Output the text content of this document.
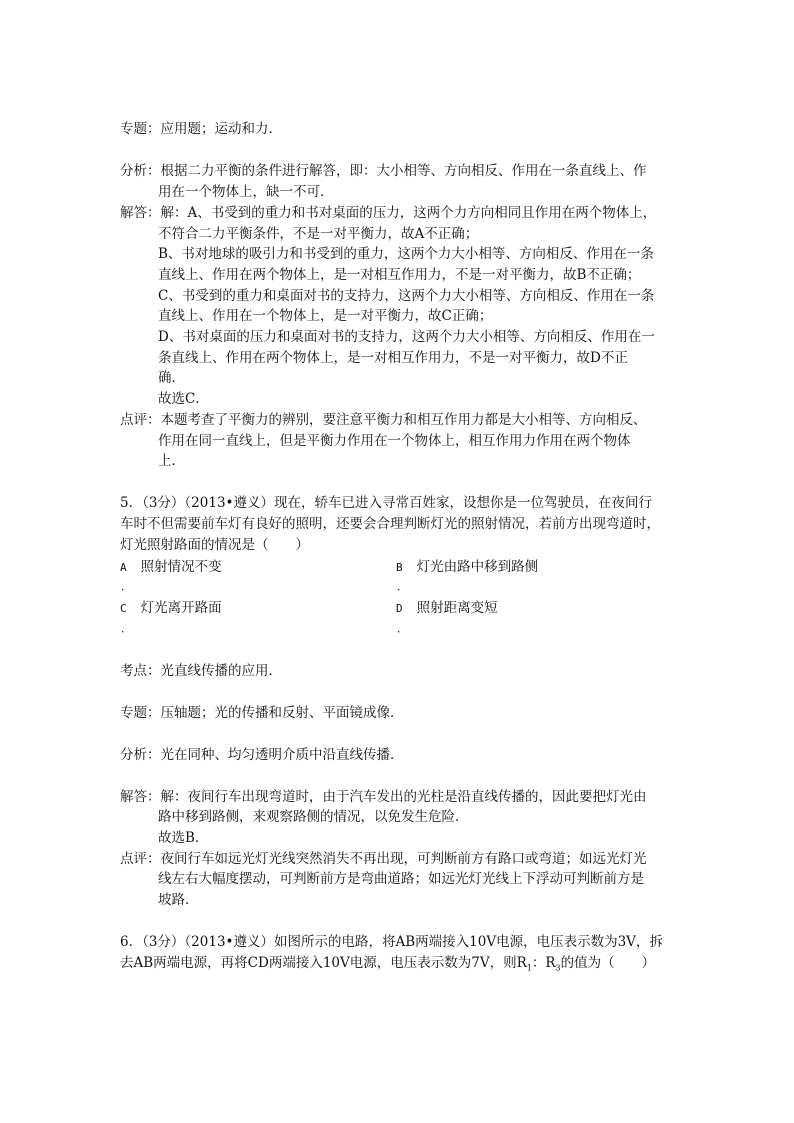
专题：应用题；运动和力．
分析：根据二力平衡的条件进行解答，即：大小相等、方向相反、作用在一条直线上、作
用在一个物体上，缺一不可．
解答：解：A、书受到的重力和书对桌面的压力，这两个力方向相同且作用在两个物体上，
不符合二力平衡条件，不是一对平衡力，故A不正确；
B、书对地球的吸引力和书受到的重力，这两个力大小相等、方向相反、作用在一条
直线上、作用在两个物体上，是一对相互作用力，不是一对平衡力，故B不正确；
C、书受到的重力和桌面对书的支持力，这两个力大小相等、方向相反、作用在一条
直线上、作用在一个物体上，是一对平衡力，故C正确；
D、书对桌面的压力和桌面对书的支持力，这两个力大小相等、方向相反、作用在一
条直线上、作用在两个物体上，是一对相互作用力，不是一对平衡力，故D不正
确．
故选C．
点评：本题考查了平衡力的辨别，要注意平衡力和相互作用力都是大小相等、方向相反、
作用在同一直线上，但是平衡力作用在一个物体上，相互作用力作用在两个物体
上．
5．（3分）（2013•遵义）现在，轿车已进入寻常百姓家，设想你是一位驾驶员，在夜间行
车时不但需要前车灯有良好的照明，还要会合理判断灯光的照射情况，若前方出现弯道时，
灯光照射路面的情况是（　　）
A 照射情况不变
．
B 灯光由路中移到路侧
．
C 灯光离开路面
．
D 照射距离变短
．
考点：光直线传播的应用．
专题：压轴题；光的传播和反射、平面镜成像．
分析：光在同种、均匀透明介质中沿直线传播．
解答：解：夜间行车出现弯道时，由于汽车发出的光柱是沿直线传播的，因此要把灯光由
路中移到路侧，来观察路侧的情况，以免发生危险．
故选B．
点评：夜间行车如远光灯光线突然消失不再出现，可判断前方有路口或弯道；如远光灯光
线左右大幅度摆动，可判断前方是弯曲道路；如远光灯光线上下浮动可判断前方是
坡路．
6．（3分）（2013•遵义）如图所示的电路，将AB两端接入10V电源，电压表示数为3V，拆
去AB两端电源，再将CD两端接入10V电源，电压表示数为7V，则$R_1$：$R_3$的值为（　　）
